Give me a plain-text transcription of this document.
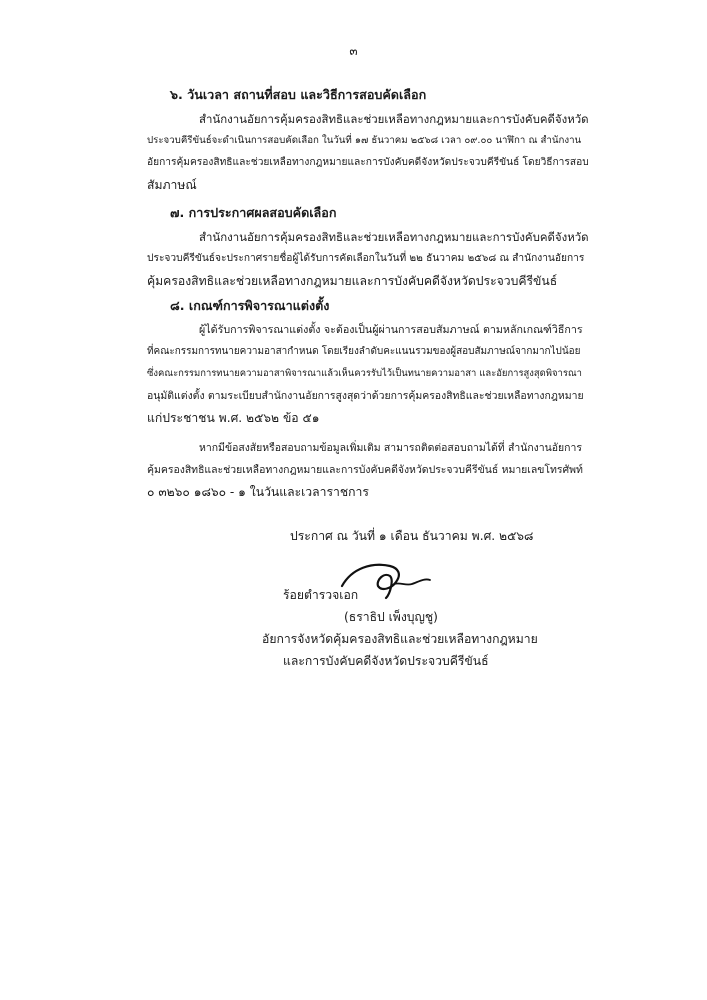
๓
๖. วันเวลา สถานที่สอบ และวิธีการสอบคัดเลือก
สำนักงานอัยการคุ้มครองสิทธิและช่วยเหลือทางกฎหมายและการบังคับคดีจังหวัด
ประจวบคีรีขันธ์จะดำเนินการสอบคัดเลือก ในวันที่ ๑๗ ธันวาคม ๒๕๖๘ เวลา ๐๙.๐๐ นาฬิกา ณ สำนักงาน
อัยการคุ้มครองสิทธิและช่วยเหลือทางกฎหมายและการบังคับคดีจังหวัดประจวบคีรีขันธ์ โดยวิธีการสอบ
สัมภาษณ์
๗. การประกาศผลสอบคัดเลือก
สำนักงานอัยการคุ้มครองสิทธิและช่วยเหลือทางกฎหมายและการบังคับคดีจังหวัด
ประจวบคีรีขันธ์จะประกาศรายชื่อผู้ได้รับการคัดเลือกในวันที่ ๒๒ ธันวาคม ๒๕๖๘ ณ สำนักงานอัยการ
คุ้มครองสิทธิและช่วยเหลือทางกฎหมายและการบังคับคดีจังหวัดประจวบคีรีขันธ์
๘. เกณฑ์การพิจารณาแต่งตั้ง
ผู้ได้รับการพิจารณาแต่งตั้ง จะต้องเป็นผู้ผ่านการสอบสัมภาษณ์ ตามหลักเกณฑ์วิธีการ
ที่คณะกรรมการทนายความอาสากำหนด โดยเรียงลำดับคะแนนรวมของผู้สอบสัมภาษณ์จากมากไปน้อย
ซึ่งคณะกรรมการทนายความอาสาพิจารณาแล้วเห็นควรรับไว้เป็นทนายความอาสา และอัยการสูงสุดพิจารณา
อนุมัติแต่งตั้ง ตามระเบียบสำนักงานอัยการสูงสุดว่าด้วยการคุ้มครองสิทธิและช่วยเหลือทางกฎหมาย
แก่ประชาชน พ.ศ. ๒๕๖๒ ข้อ ๕๑
หากมีข้อสงสัยหรือสอบถามข้อมูลเพิ่มเติม สามารถติดต่อสอบถามได้ที่ สำนักงานอัยการ
คุ้มครองสิทธิและช่วยเหลือทางกฎหมายและการบังคับคดีจังหวัดประจวบคีรีขันธ์ หมายเลขโทรศัพท์
๐ ๓๒๖๐ ๑๘๖๐ - ๑ ในวันและเวลาราชการ
ประกาศ ณ วันที่ ๑ เดือน ธันวาคม พ.ศ. ๒๕๖๘
ร้อยตำรวจเอก
(ธราธิป เพ็งบุญชู)
อัยการจังหวัดคุ้มครองสิทธิและช่วยเหลือทางกฎหมาย
และการบังคับคดีจังหวัดประจวบคีรีขันธ์
